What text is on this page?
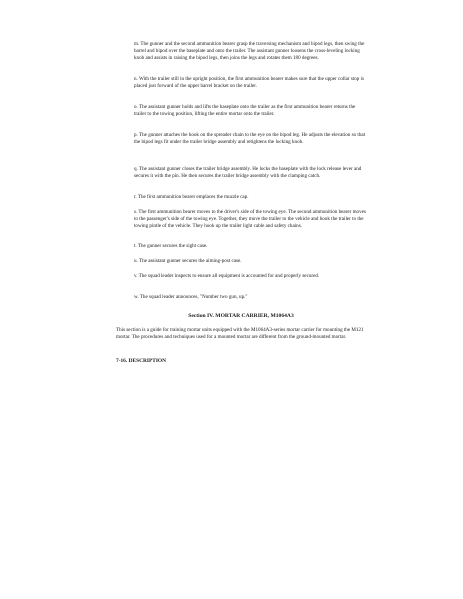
m. The gunner and the second ammunition bearer grasp the traversing mechanism and bipod legs, then swing the barrel and bipod over the baseplate and onto the trailer. The assistant gunner loosens the cross-leveling locking knob and assists in raising the bipod legs, then joins the legs and rotates them 180 degrees.

n. With the trailer still in the upright position, the first ammunition bearer makes sure that the upper collar stop is placed just forward of the upper barrel bracket on the trailer.

o. The assistant gunner holds and lifts the baseplate onto the trailer as the first ammunition bearer returns the trailer to the towing position, lifting the entire mortar onto the trailer.

p. The gunner attaches the hook on the spreader chain to the eye on the bipod leg. He adjusts the elevation so that the bipod legs fit under the trailer bridge assembly and retightens the locking knob.

q. The assistant gunner closes the trailer bridge assembly. He locks the baseplate with the lock release lever and secures it with the pin. He then secures the trailer bridge assembly with the clamping catch.

r. The first ammunition bearer emplaces the muzzle cap.

s. The first ammunition bearer moves to the driver's side of the towing eye. The second ammunition bearer moves to the passenger's side of the towing eye. Together, they move the trailer to the vehicle and hook the trailer to the towing pintle of the vehicle. They hook up the trailer light cable and safety chains.

t. The gunner secures the sight case.

u. The assistant gunner secures the aiming-post case.

v. The squad leader inspects to ensure all equipment is accounted for and properly secured.

w. The squad leader announces, "Number two gun, up."

Section IV. MORTAR CARRIER, M1064A3

This section is a guide for training mortar units equipped with the M1064A3-series mortar carrier for mounting the M121 mortar. The procedures and techniques used for a mounted mortar are different from the ground-mounted mortar.

7-16. DESCRIPTION
